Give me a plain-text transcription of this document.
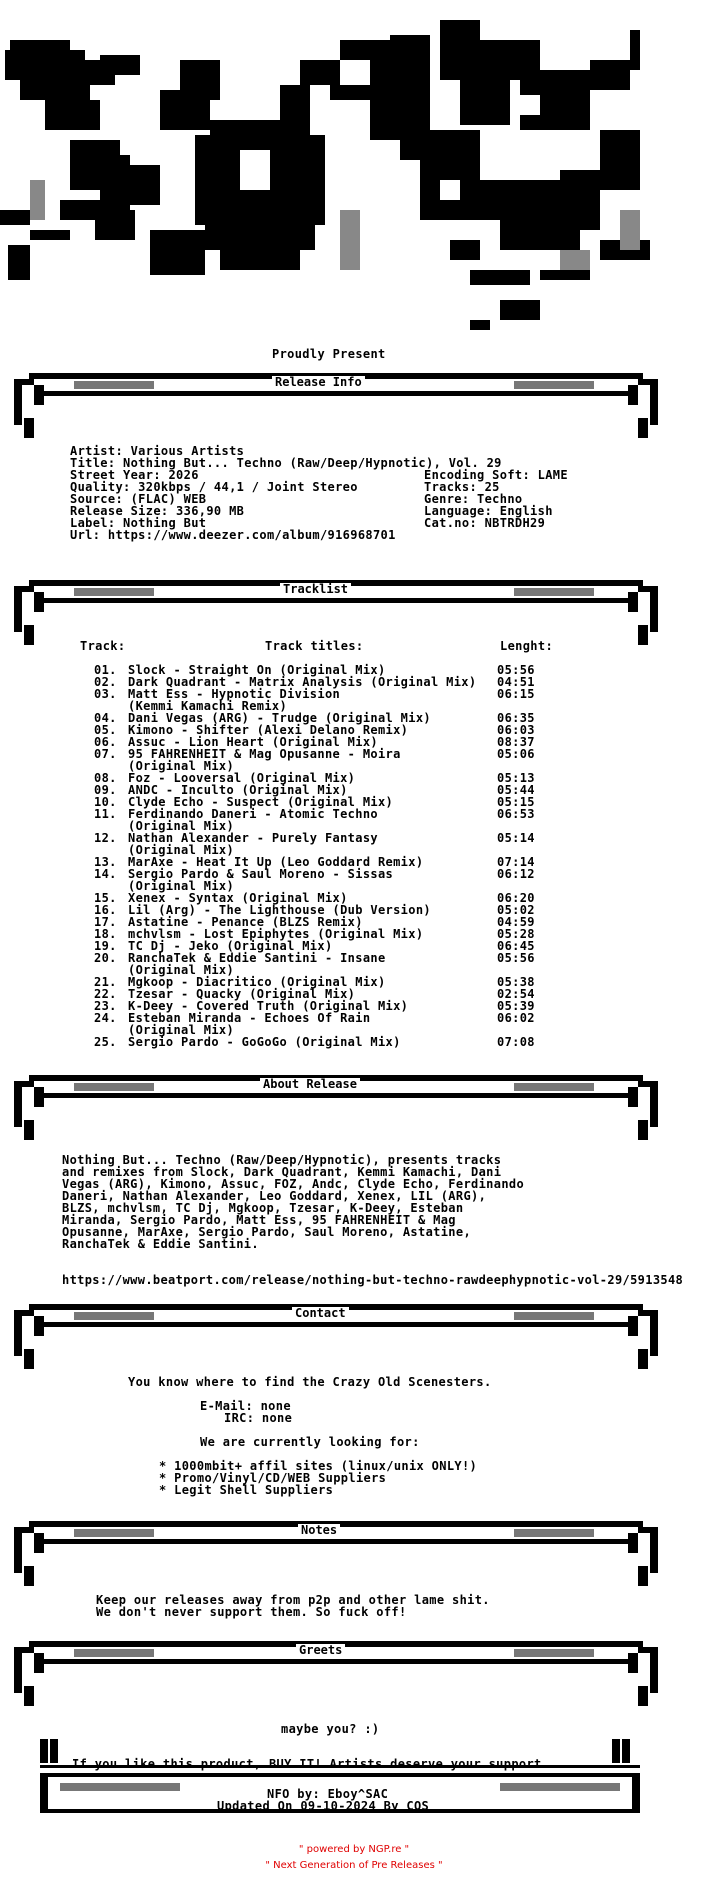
Proudly Present
Release Info
Artist: Various Artists
Title: Nothing But... Techno (Raw/Deep/Hypnotic), Vol. 29
Street Year: 2026
Quality: 320kbps / 44,1 / Joint Stereo
Source: (FLAC) WEB
Release Size: 336,90 MB
Label: Nothing But
Url: https://www.deezer.com/album/916968701
Encoding Soft: LAME
Tracks: 25
Genre: Techno
Language: English
Cat.no: NBTRDH29
Tracklist
Track:	Track titles:	Lenght:
01. Slock - Straight On (Original Mix)	05:56
02. Dark Quadrant - Matrix Analysis (Original Mix) 04:51
03. Matt Ess - Hypnotic Division	06:15
(Kemmi Kamachi Remix)
04. Dani Vegas (ARG) - Trudge (Original Mix)	06:35
05. Kimono - Shifter (Alexi Delano Remix)	06:03
06. Assuc - Lion Heart (Original Mix)	08:37
07. 95 FAHRENHEIT & Mag Opusanne - Moira	05:06
(Original Mix)
08. Foz - Looversal (Original Mix)	05:13
09. ANDC - Inculto (Original Mix)	05:44
10. Clyde Echo - Suspect (Original Mix)	05:15
11. Ferdinando Daneri - Atomic Techno	06:53
(Original Mix)
12. Nathan Alexander - Purely Fantasy	05:14
(Original Mix)
13. MarAxe - Heat It Up (Leo Goddard Remix)	07:14
14. Sergio Pardo & Saul Moreno - Sissas	06:12
(Original Mix)
15. Xenex - Syntax (Original Mix)	06:20
16. Lil (Arg) - The Lighthouse (Dub Version)	05:02
17. Astatine - Penance (BLZS Remix)	04:59
18. mchvlsm - Lost Epiphytes (Original Mix)	05:28
19. TC Dj - Jeko (Original Mix)	06:45
20. RanchaTek & Eddie Santini - Insane	05:56
(Original Mix)
21. Mgkoop - Diacritico (Original Mix)	05:38
22. Tzesar - Quacky (Original Mix)	02:54
23. K-Deey - Covered Truth (Original Mix)	05:39
24. Esteban Miranda - Echoes Of Rain	06:02
(Original Mix)
25. Sergio Pardo - GoGoGo (Original Mix)	07:08
About Release
Nothing But... Techno (Raw/Deep/Hypnotic), presents tracks
and remixes from Slock, Dark Quadrant, Kemmi Kamachi, Dani
Vegas (ARG), Kimono, Assuc, FOZ, Andc, Clyde Echo, Ferdinando
Daneri, Nathan Alexander, Leo Goddard, Xenex, LIL (ARG),
BLZS, mchvlsm, TC Dj, Mgkoop, Tzesar, K-Deey, Esteban
Miranda, Sergio Pardo, Matt Ess, 95 FAHRENHEIT & Mag
Opusanne, MarAxe, Sergio Pardo, Saul Moreno, Astatine,
RanchaTek & Eddie Santini.
https://www.beatport.com/release/nothing-but-techno-rawdeephypnotic-vol-29/5913548
Contact
You know where to find the Crazy Old Scenesters.
E-Mail: none
IRC: none
We are currently looking for:
* 1000mbit+ affil sites (linux/unix ONLY!)
* Promo/Vinyl/CD/WEB Suppliers
* Legit Shell Suppliers
Notes
Keep our releases away from p2p and other lame shit.
We don't never support them. So fuck off!
Greets
maybe you? :)
If you like this product, BUY IT! Artists deserve your support.
NFO by: Eboy^SAC
Updated On 09-10-2024 By COS
" powered by NGP.re "
" Next Generation of Pre Releases "
